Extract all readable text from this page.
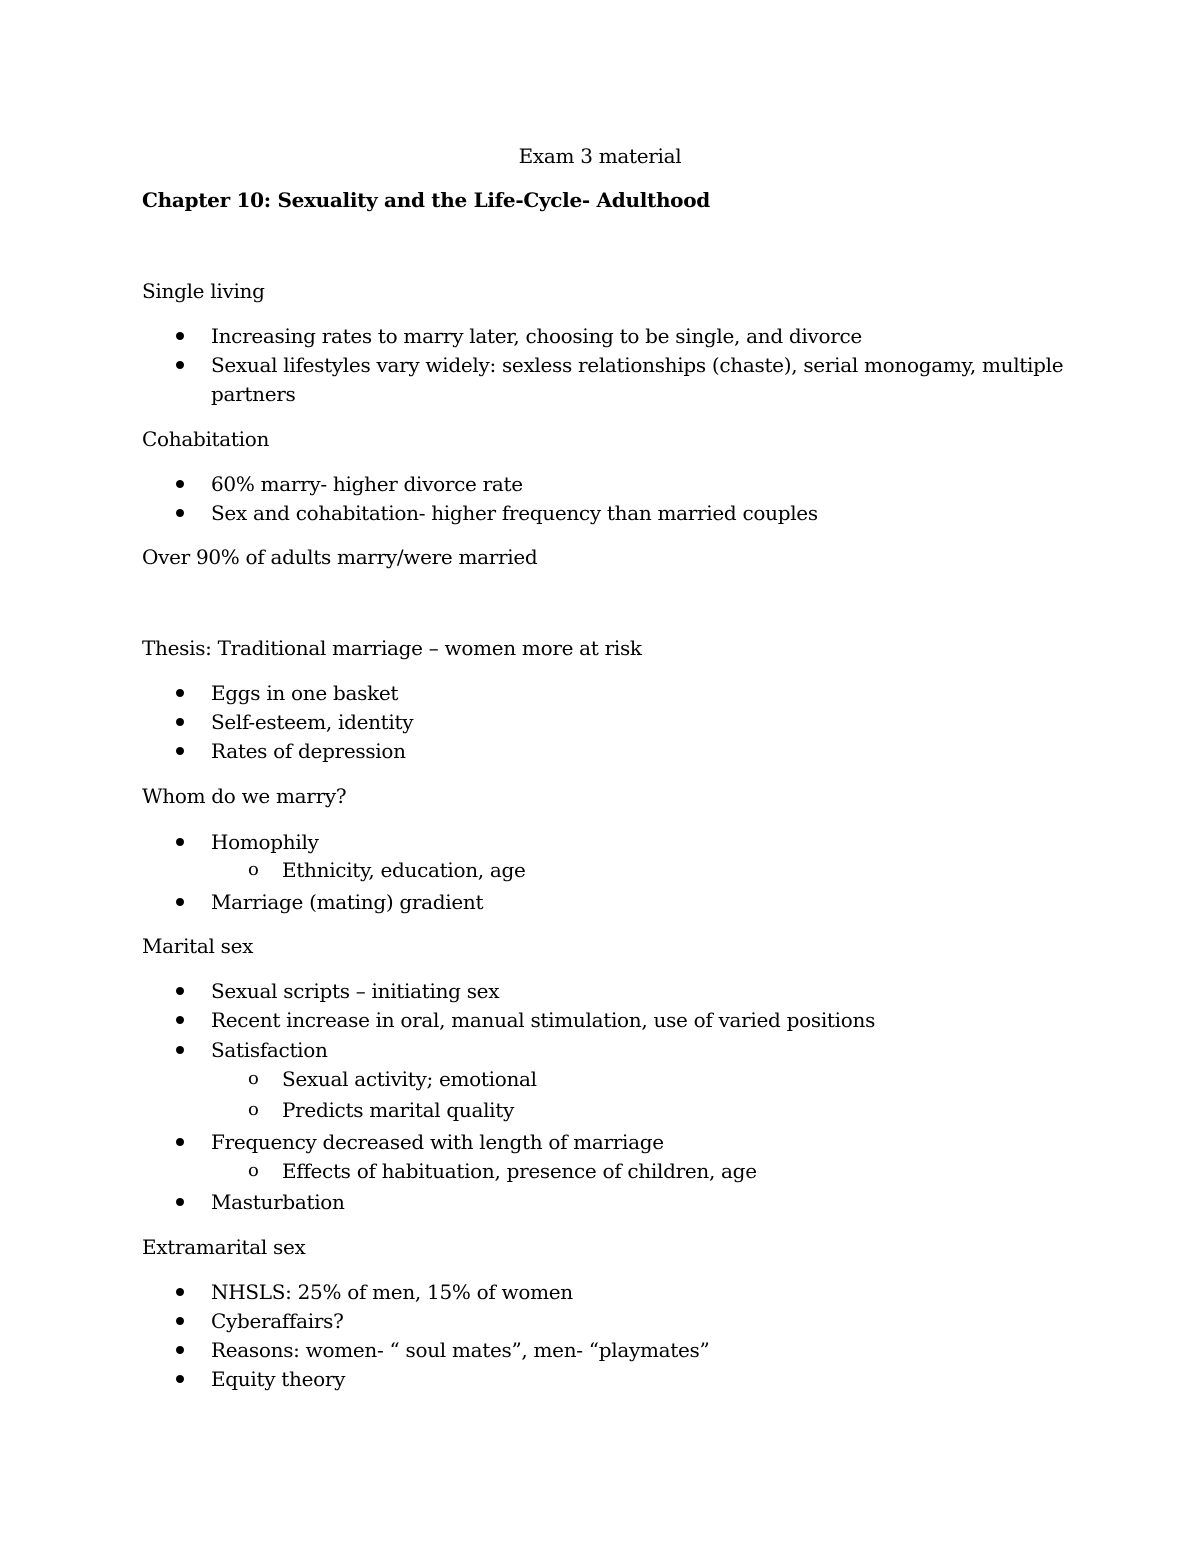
Exam 3 material
Chapter 10: Sexuality and the Life-Cycle- Adulthood
Single living
Increasing rates to marry later, choosing to be single, and divorce
Sexual lifestyles vary widely: sexless relationships (chaste), serial monogamy, multiple
partners
Cohabitation
60% marry- higher divorce rate
Sex and cohabitation- higher frequency than married couples
Over 90% of adults marry/were married
Thesis: Traditional marriage – women more at risk
Eggs in one basket
Self-esteem, identity
Rates of depression
Whom do we marry?
Homophily
o Ethnicity, education, age
Marriage (mating) gradient
Marital sex
Sexual scripts – initiating sex
Recent increase in oral, manual stimulation, use of varied positions
Satisfaction
o Sexual activity; emotional
o Predicts marital quality
Frequency decreased with length of marriage
o Effects of habituation, presence of children, age
Masturbation
Extramarital sex
NHSLS: 25% of men, 15% of women
Cyberaffairs?
Reasons: women- “ soul mates”, men- “playmates”
Equity theory
